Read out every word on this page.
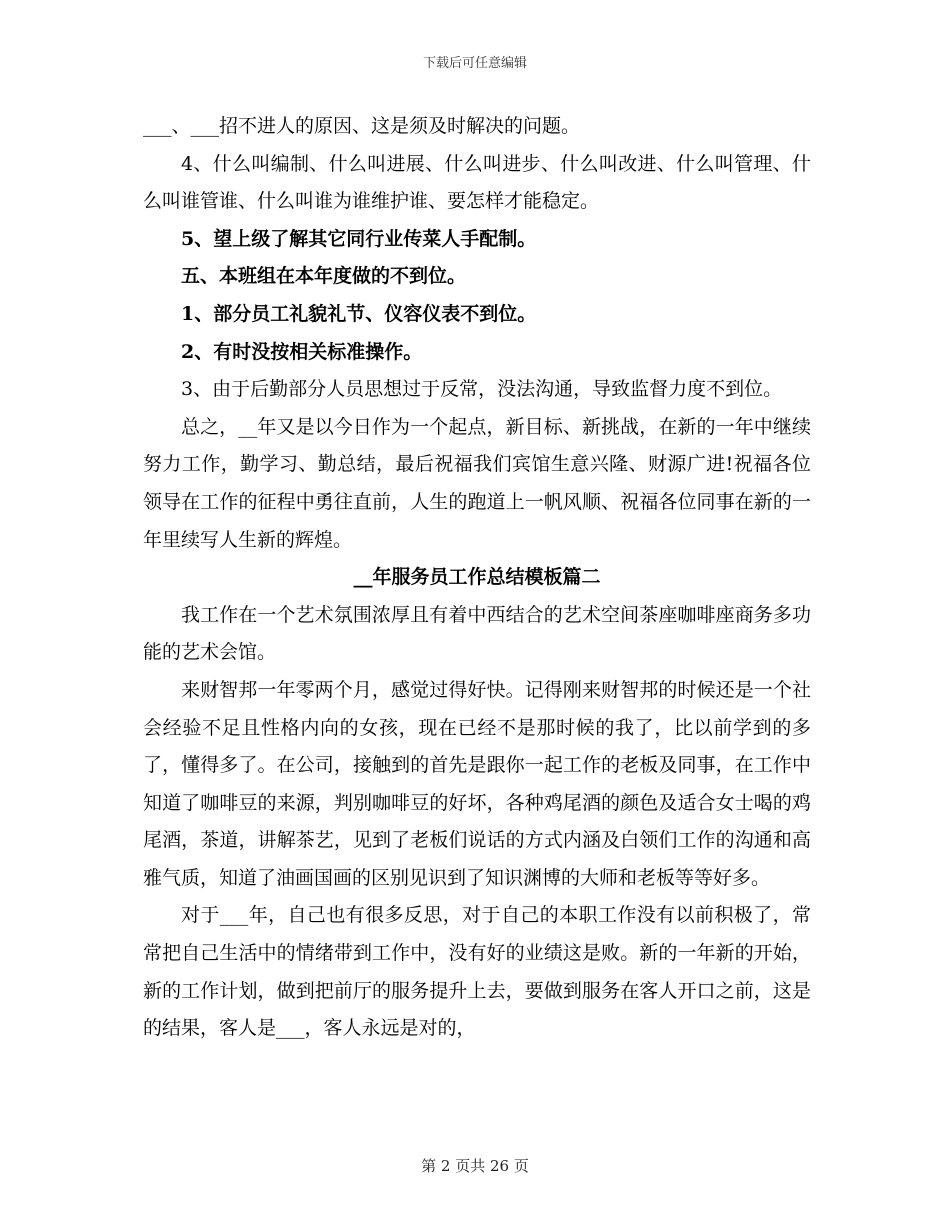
下载后可任意编辑

___、___招不进人的原因、这是须及时解决的问题。

4、什么叫编制、什么叫进展、什么叫进步、什么叫改进、什么叫管理、什么叫谁管谁、什么叫谁为谁维护谁、要怎样才能稳定。

5、望上级了解其它同行业传菜人手配制。

五、本班组在本年度做的不到位。

1、部分员工礼貌礼节、仪容仪表不到位。

2、有时没按相关标准操作。

3、由于后勤部分人员思想过于反常，没法沟通，导致监督力度不到位。

总之，__年又是以今日作为一个起点，新目标、新挑战，在新的一年中继续努力工作，勤学习、勤总结，最后祝福我们宾馆生意兴隆、财源广进!祝福各位领导在工作的征程中勇往直前，人生的跑道上一帆风顺、祝福各位同事在新的一年里续写人生新的辉煌。

__年服务员工作总结模板篇二

我工作在一个艺术氛围浓厚且有着中西结合的艺术空间茶座咖啡座商务多功能的艺术会馆。

来财智邦一年零两个月，感觉过得好快。记得刚来财智邦的时候还是一个社会经验不足且性格内向的女孩，现在已经不是那时候的我了，比以前学到的多了，懂得多了。在公司，接触到的首先是跟你一起工作的老板及同事，在工作中知道了咖啡豆的来源，判别咖啡豆的好坏，各种鸡尾酒的颜色及适合女士喝的鸡尾酒，茶道，讲解茶艺，见到了老板们说话的方式内涵及白领们工作的沟通和高雅气质，知道了油画国画的区别见识到了知识渊博的大师和老板等等好多。

对于___年，自己也有很多反思，对于自己的本职工作没有以前积极了，常常把自己生活中的情绪带到工作中，没有好的业绩这是败。新的一年新的开始，新的工作计划，做到把前厅的服务提升上去，要做到服务在客人开口之前，这是的结果，客人是___，客人永远是对的，

第 2 页共 26 页
